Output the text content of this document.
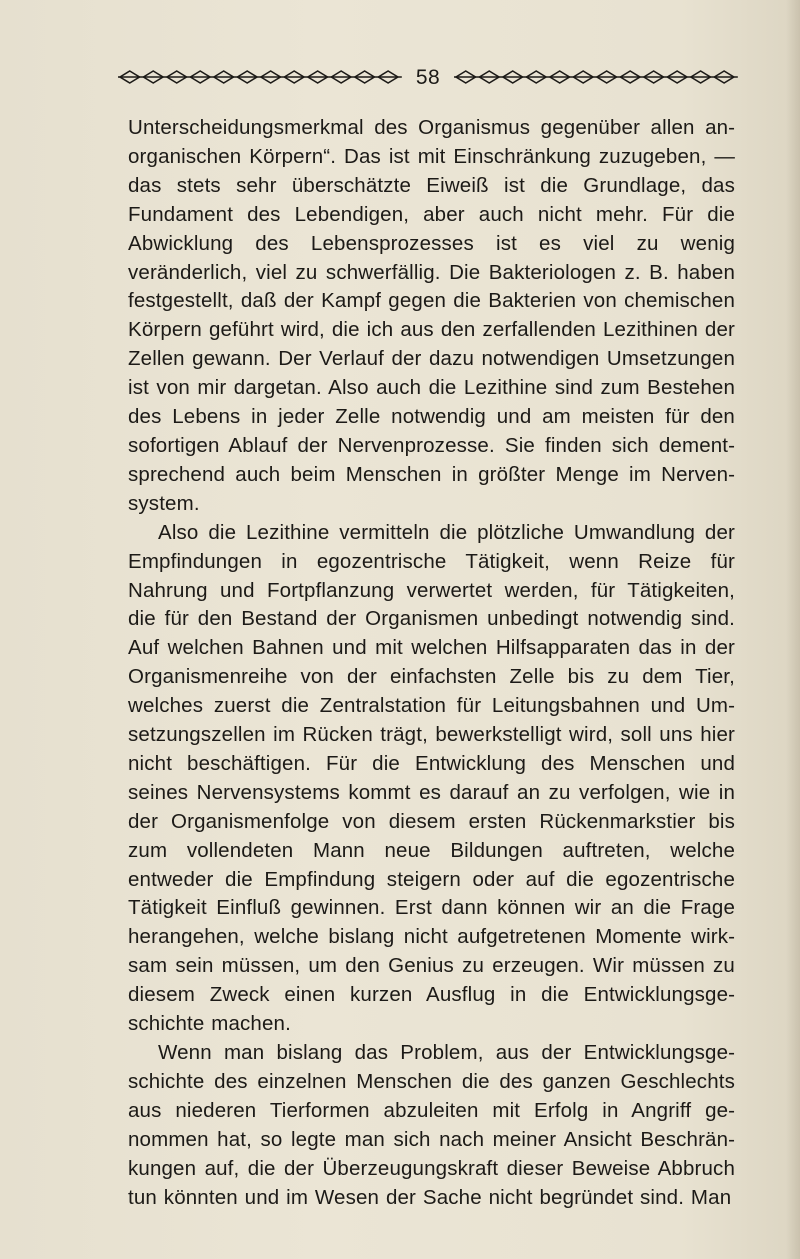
58

Unterscheidungsmerkmal des Organismus gegenüber allen anorganischen Körpern“. Das ist mit Einschränkung zuzugeben, — das stets sehr überschätzte Eiweiß ist die Grundlage, das Fundament des Lebendigen, aber auch nicht mehr. Für die Abwicklung des Lebensprozesses ist es viel zu wenig veränderlich, viel zu schwerfällig. Die Bakteriologen z. B. haben festgestellt, daß der Kampf gegen die Bakterien von chemischen Körpern geführt wird, die ich aus den zerfallenden Lezithinen der Zellen gewann. Der Verlauf der dazu notwendigen Umsetzungen ist von mir dargetan. Also auch die Lezithine sind zum Bestehen des Lebens in jeder Zelle notwendig und am meisten für den sofortigen Ablauf der Nervenprozesse. Sie finden sich dementsprechend auch beim Menschen in größter Menge im Nervensystem.

Also die Lezithine vermitteln die plötzliche Umwandlung der Empfindungen in egozentrische Tätigkeit, wenn Reize für Nahrung und Fortpflanzung verwertet werden, für Tätigkeiten, die für den Bestand der Organismen unbedingt notwendig sind. Auf welchen Bahnen und mit welchen Hilfsapparaten das in der Organismenreihe von der einfachsten Zelle bis zu dem Tier, welches zuerst die Zentralstation für Leitungsbahnen und Umsetzungszellen im Rücken trägt, bewerkstelligt wird, soll uns hier nicht beschäftigen. Für die Entwicklung des Menschen und seines Nervensystems kommt es darauf an zu verfolgen, wie in der Organismenfolge von diesem ersten Rückenmarkstier bis zum vollendeten Mann neue Bildungen auftreten, welche entweder die Empfindung steigern oder auf die egozentrische Tätigkeit Einfluß gewinnen. Erst dann können wir an die Frage herangehen, welche bislang nicht aufgetretenen Momente wirksam sein müssen, um den Genius zu erzeugen. Wir müssen zu diesem Zweck einen kurzen Ausflug in die Entwicklungsgeschichte machen.

Wenn man bislang das Problem, aus der Entwicklungsgeschichte des einzelnen Menschen die des ganzen Geschlechts aus niederen Tierformen abzuleiten mit Erfolg in Angriff genommen hat, so legte man sich nach meiner Ansicht Beschränkungen auf, die der Überzeugungskraft dieser Beweise Abbruch tun könnten und im Wesen der Sache nicht begründet sind. Man
